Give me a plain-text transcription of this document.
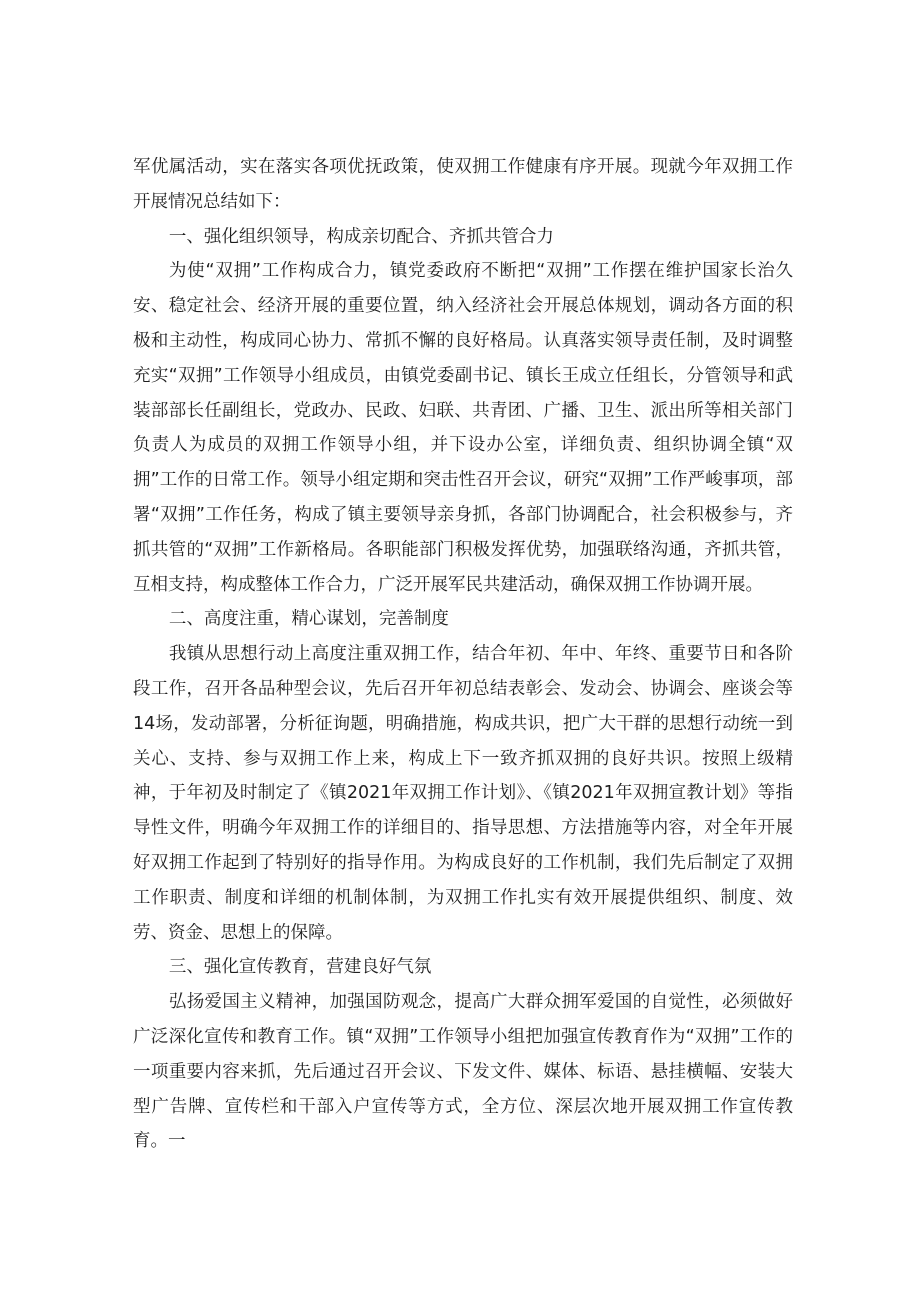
军优属活动，实在落实各项优抚政策，使双拥工作健康有序开展。现就今年双拥工作开展情况总结如下：

一、强化组织领导，构成亲切配合、齐抓共管合力

为使“双拥”工作构成合力，镇党委政府不断把“双拥”工作摆在维护国家长治久安、稳定社会、经济开展的重要位置，纳入经济社会开展总体规划，调动各方面的积极和主动性，构成同心协力、常抓不懈的良好格局。认真落实领导责任制，及时调整充实“双拥”工作领导小组成员，由镇党委副书记、镇长王成立任组长，分管领导和武装部部长任副组长，党政办、民政、妇联、共青团、广播、卫生、派出所等相关部门负责人为成员的双拥工作领导小组，并下设办公室，详细负责、组织协调全镇“双拥”工作的日常工作。领导小组定期和突击性召开会议，研究“双拥”工作严峻事项，部署“双拥”工作任务，构成了镇主要领导亲身抓，各部门协调配合，社会积极参与，齐抓共管的“双拥”工作新格局。各职能部门积极发挥优势，加强联络沟通，齐抓共管，互相支持，构成整体工作合力，广泛开展军民共建活动，确保双拥工作协调开展。

二、高度注重，精心谋划，完善制度

我镇从思想行动上高度注重双拥工作，结合年初、年中、年终、重要节日和各阶段工作，召开各品种型会议，先后召开年初总结表彰会、发动会、协调会、座谈会等14场，发动部署，分析征询题，明确措施，构成共识，把广大干群的思想行动统一到关心、支持、参与双拥工作上来，构成上下一致齐抓双拥的良好共识。按照上级精神，于年初及时制定了《镇2021年双拥工作计划》、《镇2021年双拥宣教计划》等指导性文件，明确今年双拥工作的详细目的、指导思想、方法措施等内容，对全年开展好双拥工作起到了特别好的指导作用。为构成良好的工作机制，我们先后制定了双拥工作职责、制度和详细的机制体制，为双拥工作扎实有效开展提供组织、制度、效劳、资金、思想上的保障。

三、强化宣传教育，营建良好气氛

弘扬爱国主义精神，加强国防观念，提高广大群众拥军爱国的自觉性，必须做好广泛深化宣传和教育工作。镇“双拥”工作领导小组把加强宣传教育作为“双拥”工作的一项重要内容来抓，先后通过召开会议、下发文件、媒体、标语、悬挂横幅、安装大型广告牌、宣传栏和干部入户宣传等方式，全方位、深层次地开展双拥工作宣传教育。一
